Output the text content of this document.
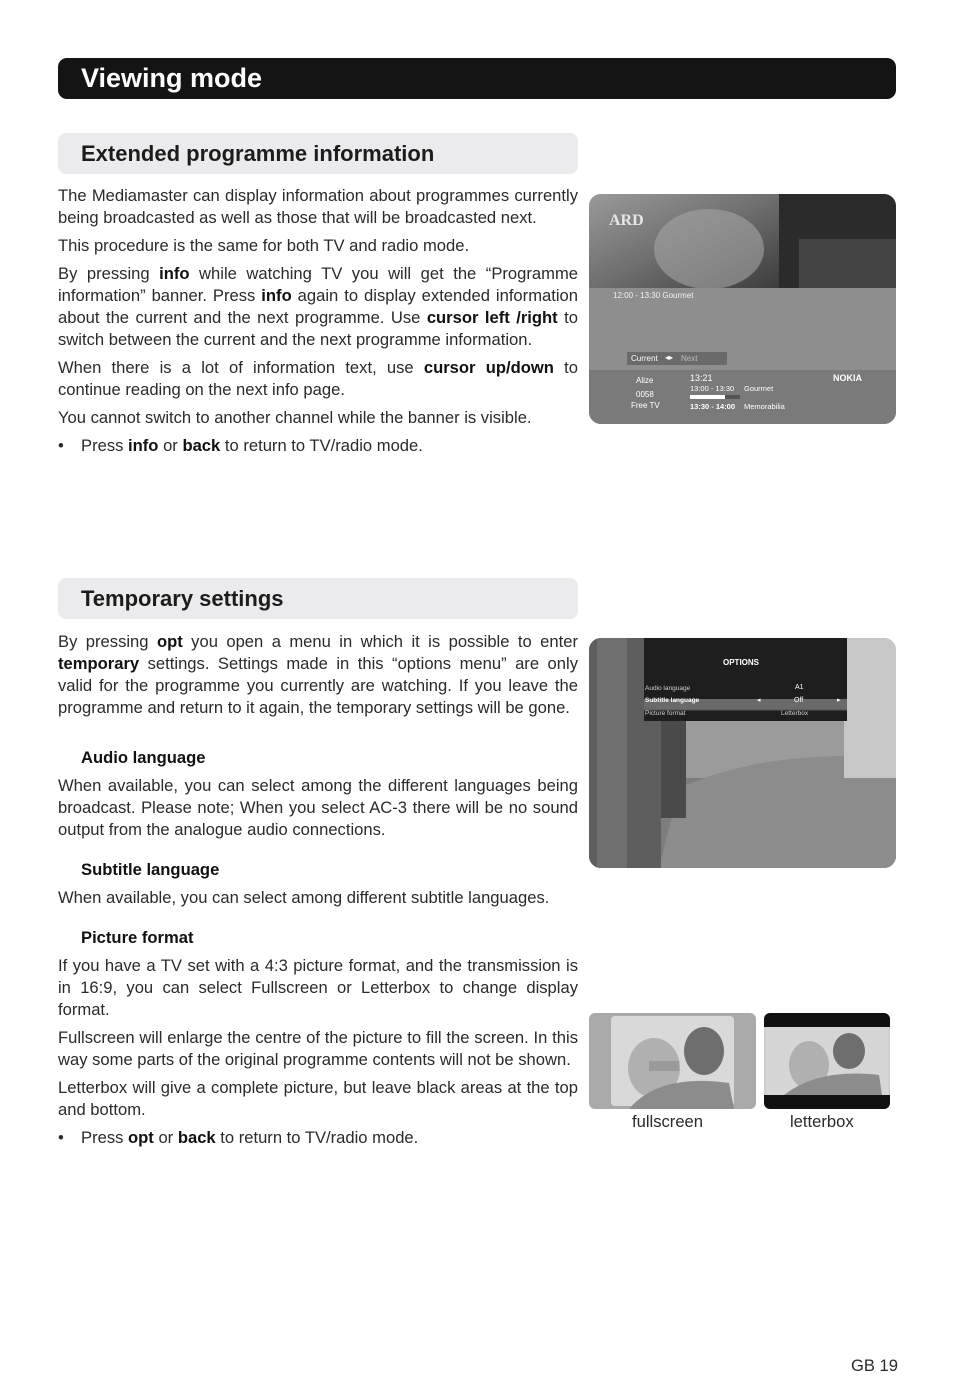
Viewing mode
Extended programme information

The Mediamaster can display information about programmes currently being broadcasted as well as those that will be broadcasted next.

This procedure is the same for both TV and radio mode.

By pressing info while watching TV you will get the “Programme information” banner. Press info again to display extended information about the current and the next programme. Use cursor left /right to switch between the current and the next programme information.

When there is a lot of information text, use cursor up/down to continue reading on the next info page.

You cannot switch to another channel while the banner is visible.

• Press info or back to return to TV/radio mode.

ARD
12:00 - 13:30 Gourmet
Current ◂▸ Next
Alize
0058
Free TV
13:21
13:00 - 13:30 Gourmet
13:30 - 14:00 Memorabilia
NOKIA
Temporary settings

By pressing opt you open a menu in which it is possible to enter temporary settings. Settings made in this “options menu” are only valid for the programme you currently are watching. If you leave the programme and return to it again, the temporary settings will be gone.

Audio language

When available, you can select among the different languages being broadcast. Please note; When you select AC-3 there will be no sound output from the analogue audio connections.

Subtitle language

When available, you can select among different subtitle languages.

Picture format

If you have a TV set with a 4:3 picture format, and the transmission is in 16:9, you can select Fullscreen or Letterbox to change display format.

Fullscreen will enlarge the centre of the picture to fill the screen. In this way some parts of the original programme contents will not be shown.

Letterbox will give a complete picture, but leave black areas at the top and bottom.

• Press opt or back to return to TV/radio mode.

OPTIONS
Audio language	A1
Subtitle language	◂	Off	▸
Picture format	Letterbox
fullscreen	letterbox
GB 19
